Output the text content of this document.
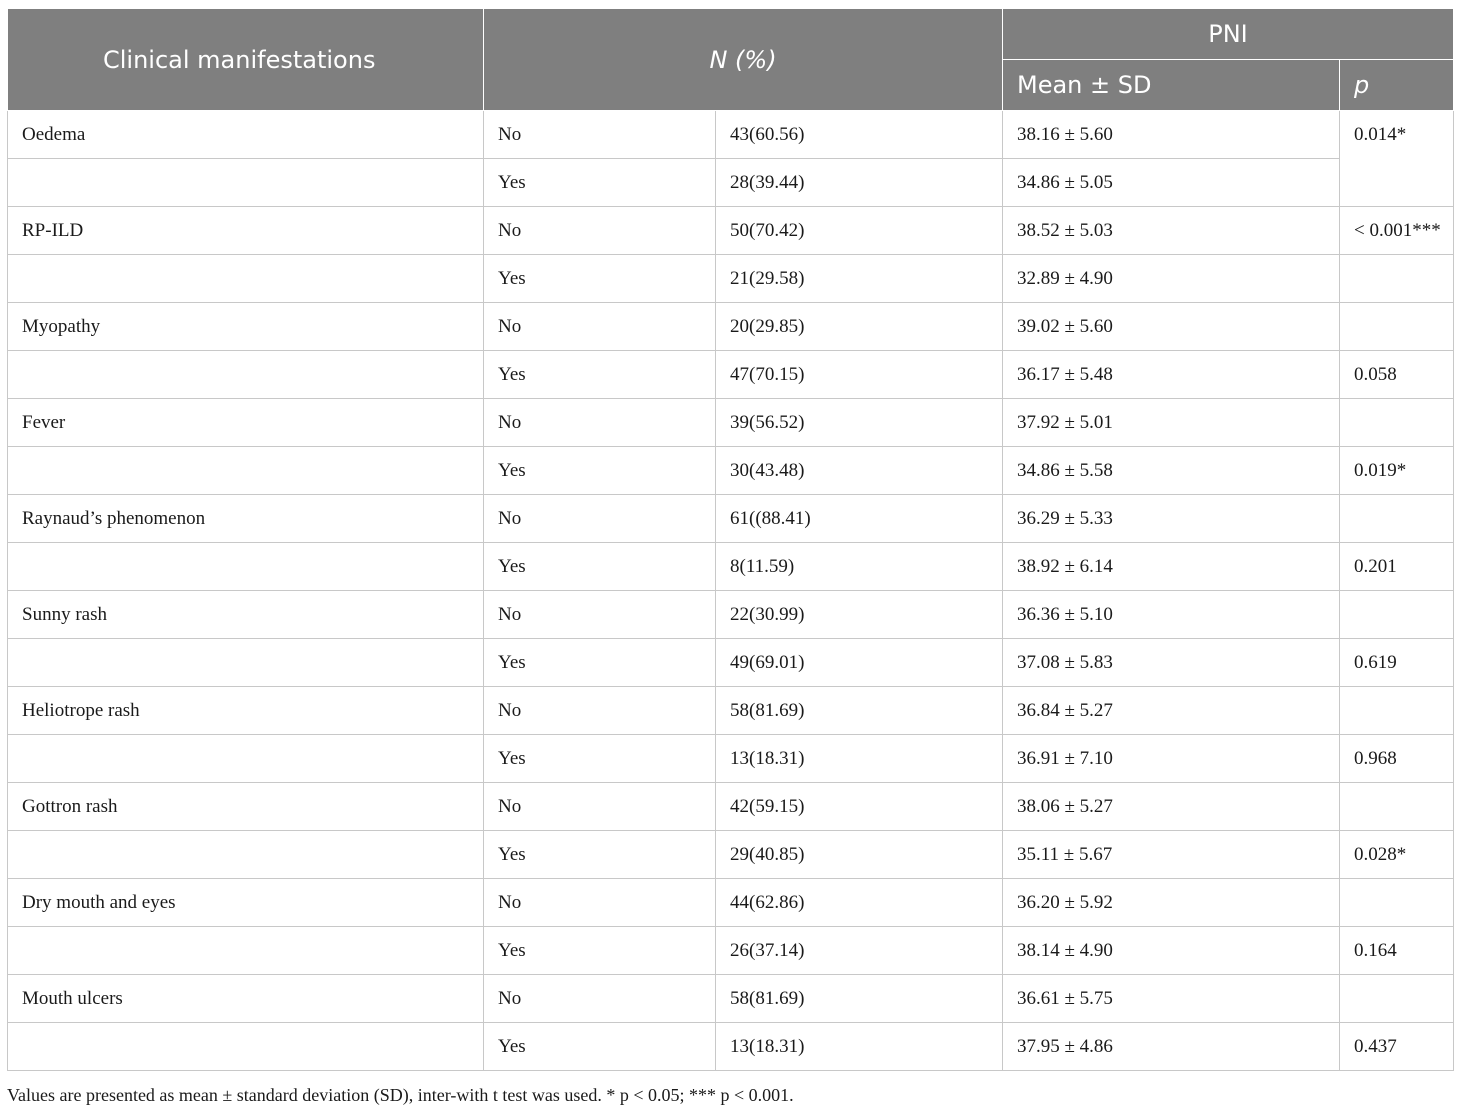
Clinical manifestations	N (%)		PNI	
			Mean ± SD	p
Oedema	No	43(60.56)	38.16 ± 5.60	0.014*
	Yes	28(39.44)	34.86 ± 5.05	
RP-ILD	No	50(70.42)	38.52 ± 5.03	< 0.001***
	Yes	21(29.58)	32.89 ± 4.90	
Myopathy	No	20(29.85)	39.02 ± 5.60	
	Yes	47(70.15)	36.17 ± 5.48	0.058
Fever	No	39(56.52)	37.92 ± 5.01	
	Yes	30(43.48)	34.86 ± 5.58	0.019*
Raynaud’s phenomenon	No	61((88.41)	36.29 ± 5.33	
	Yes	8(11.59)	38.92 ± 6.14	0.201
Sunny rash	No	22(30.99)	36.36 ± 5.10	
	Yes	49(69.01)	37.08 ± 5.83	0.619
Heliotrope rash	No	58(81.69)	36.84 ± 5.27	
	Yes	13(18.31)	36.91 ± 7.10	0.968
Gottron rash	No	42(59.15)	38.06 ± 5.27	
	Yes	29(40.85)	35.11 ± 5.67	0.028*
Dry mouth and eyes	No	44(62.86)	36.20 ± 5.92	
	Yes	26(37.14)	38.14 ± 4.90	0.164
Mouth ulcers	No	58(81.69)	36.61 ± 5.75	
	Yes	13(18.31)	37.95 ± 4.86	0.437
Values are presented as mean ± standard deviation (SD), inter-with t test was used. * p < 0.05; *** p < 0.001.
